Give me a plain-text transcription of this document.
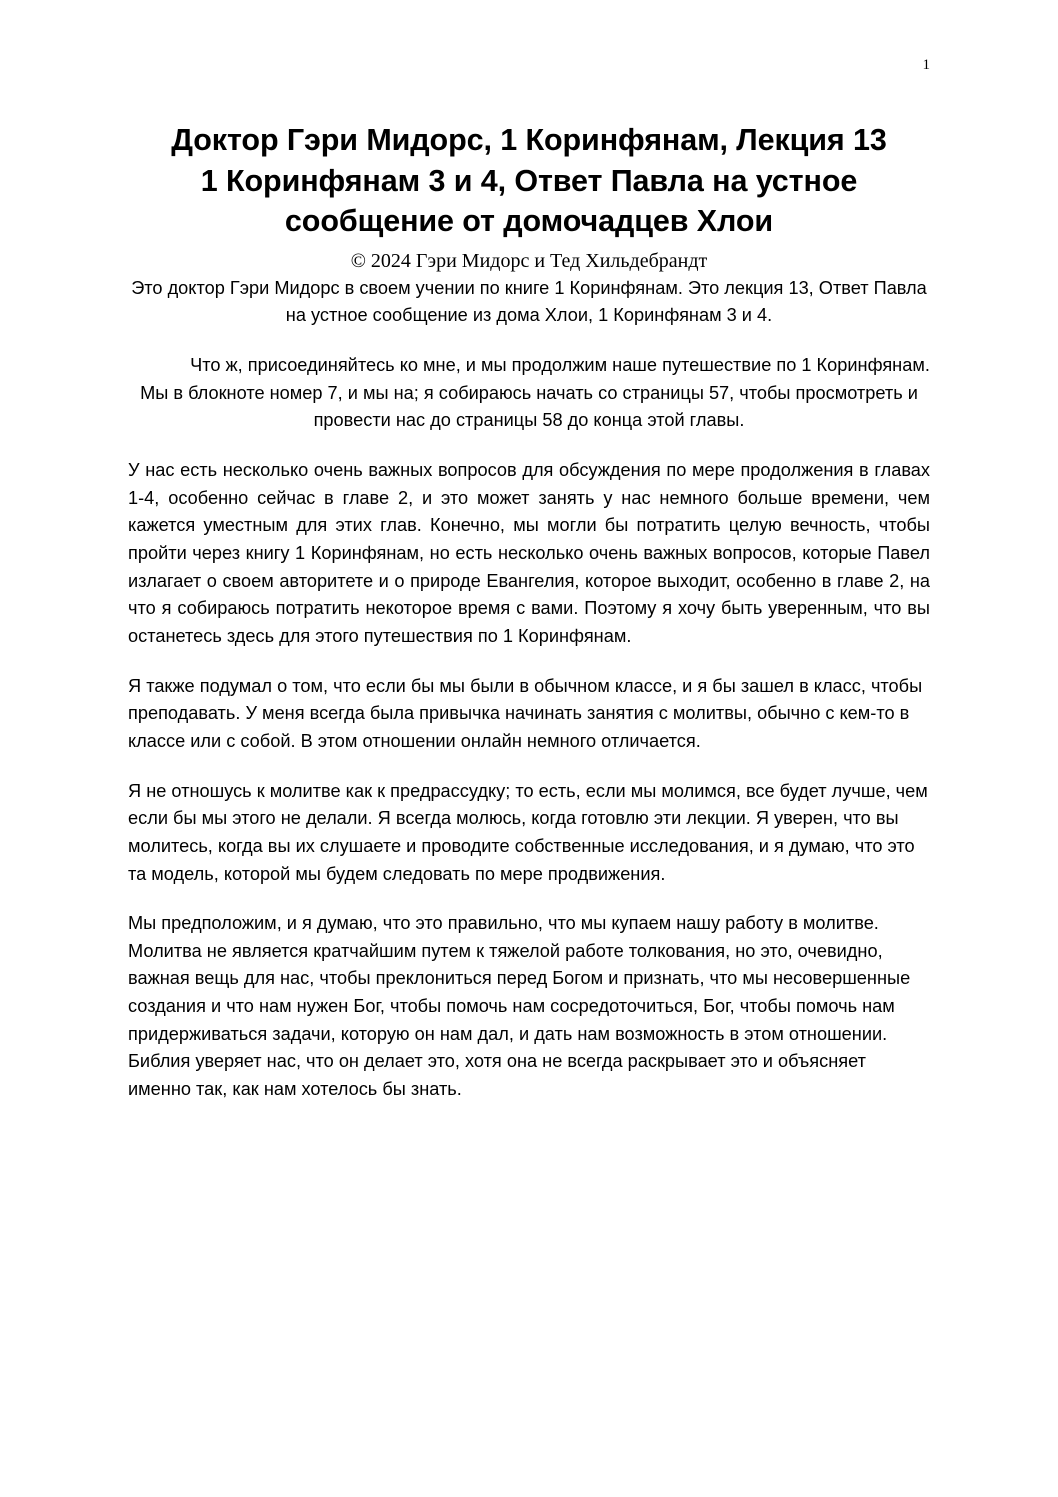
1
Доктор Гэри Мидорс, 1 Коринфянам, Лекция 13
1 Коринфянам 3 и 4, Ответ Павла на устное
сообщение от домочадцев Хлои
© 2024 Гэри Мидорс и Тед Хильдебрандт

Это доктор Гэри Мидорс в своем учении по книге 1 Коринфянам. Это лекция 13, Ответ Павла на устное сообщение из дома Хлои, 1 Коринфянам 3 и 4.

Что ж, присоединяйтесь ко мне, и мы продолжим наше путешествие по 1 Коринфянам. Мы в блокноте номер 7, и мы на; я собираюсь начать со страницы 57, чтобы просмотреть и провести нас до страницы 58 до конца этой главы.

У нас есть несколько очень важных вопросов для обсуждения по мере продолжения в главах 1-4, особенно сейчас в главе 2, и это может занять у нас немного больше времени, чем кажется уместным для этих глав. Конечно, мы могли бы потратить целую вечность, чтобы пройти через книгу 1 Коринфянам, но есть несколько очень важных вопросов, которые Павел излагает о своем авторитете и о природе Евангелия, которое выходит, особенно в главе 2, на что я собираюсь потратить некоторое время с вами. Поэтому я хочу быть уверенным, что вы останетесь здесь для этого путешествия по 1 Коринфянам.

Я также подумал о том, что если бы мы были в обычном классе, и я бы зашел в класс, чтобы преподавать. У меня всегда была привычка начинать занятия с молитвы, обычно с кем-то в классе или с собой. В этом отношении онлайн немного отличается.

Я не отношусь к молитве как к предрассудку; то есть, если мы молимся, все будет лучше, чем если бы мы этого не делали. Я всегда молюсь, когда готовлю эти лекции. Я уверен, что вы молитесь, когда вы их слушаете и проводите собственные исследования, и я думаю, что это та модель, которой мы будем следовать по мере продвижения.

Мы предположим, и я думаю, что это правильно, что мы купаем нашу работу в молитве. Молитва не является кратчайшим путем к тяжелой работе толкования, но это, очевидно, важная вещь для нас, чтобы преклониться перед Богом и признать, что мы несовершенные создания и что нам нужен Бог, чтобы помочь нам сосредоточиться, Бог, чтобы помочь нам придерживаться задачи, которую он нам дал, и дать нам возможность в этом отношении. Библия уверяет нас, что он делает это, хотя она не всегда раскрывает это и объясняет именно так, как нам хотелось бы знать.
